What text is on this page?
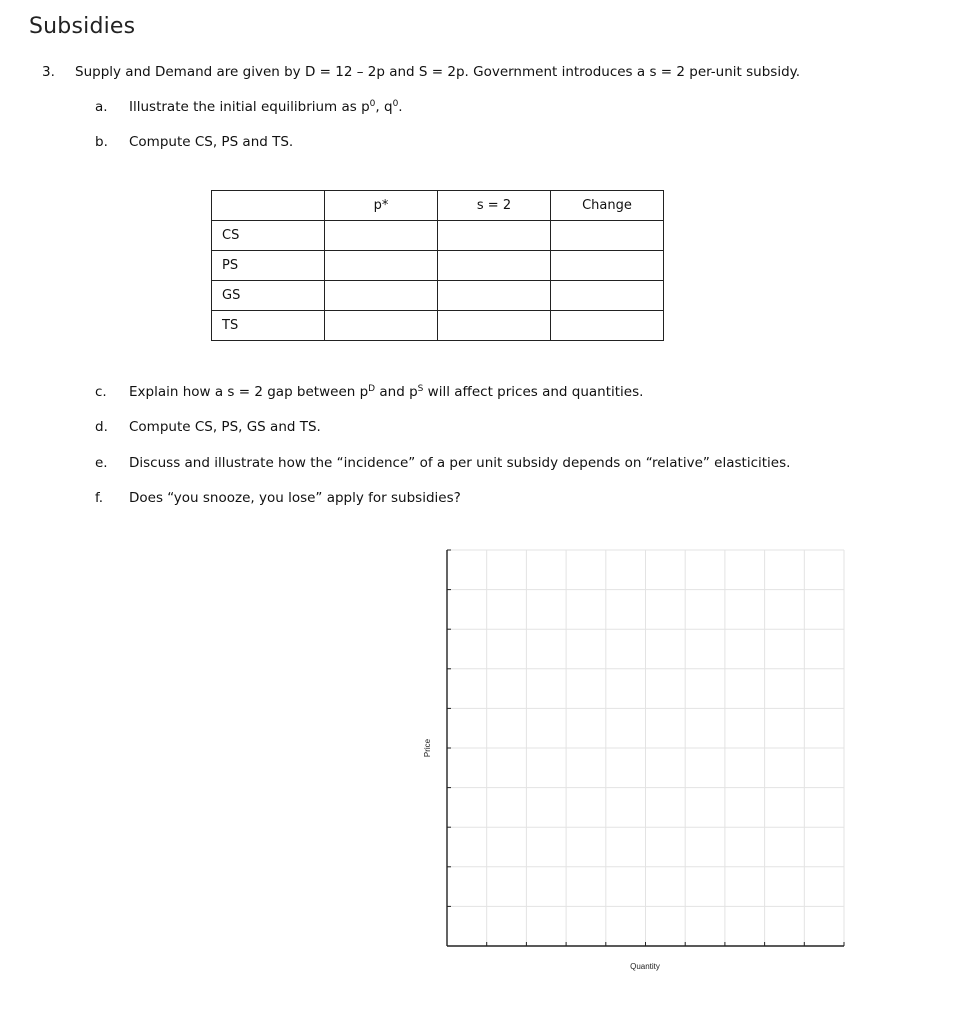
Subsidies
3. Supply and Demand are given by D = 12 – 2p and S = 2p. Government introduces a s = 2 per-unit subsidy.
a. Illustrate the initial equilibrium as $p^0$, $q^0$.
b. Compute CS, PS and TS.
	p*	s = 2	Change
CS			
PS			
GS			
TS			
c. Explain how a s = 2 gap between $p^D$ and $p^S$ will affect prices and quantities.
d. Compute CS, PS, GS and TS.
e. Discuss and illustrate how the “incidence” of a per unit subsidy depends on “relative” elasticities.
f. Does “you snooze, you lose” apply for subsidies?
Price
Quantity
